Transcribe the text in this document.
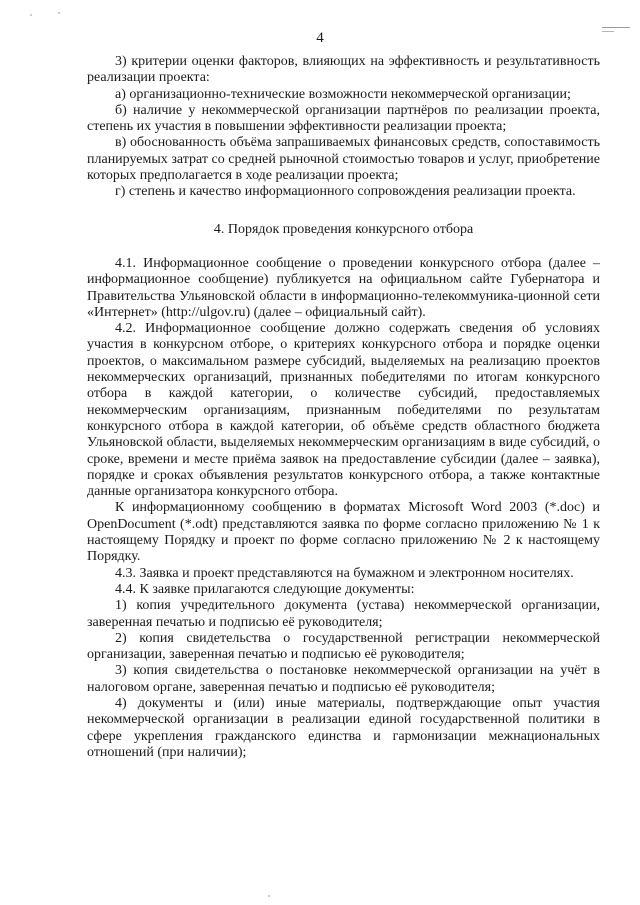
4

3) критерии оценки факторов, влияющих на эффективность и результативность реализации проекта:

а) организационно-технические возможности некоммерческой организации;

б) наличие у некоммерческой организации партнёров по реализации проекта, степень их участия в повышении эффективности реализации проекта;

в) обоснованность объёма запрашиваемых финансовых средств, сопоставимость планируемых затрат со средней рыночной стоимостью товаров и услуг, приобретение которых предполагается в ходе реализации проекта;

г) степень и качество информационного сопровождения реализации проекта.

4. Порядок проведения конкурсного отбора

4.1. Информационное сообщение о проведении конкурсного отбора (далее – информационное сообщение) публикуется на официальном сайте Губернатора и Правительства Ульяновской области в информационно-телекоммуника-ционной сети «Интернет» (http://ulgov.ru) (далее – официальный сайт).

4.2. Информационное сообщение должно содержать сведения об условиях участия в конкурсном отборе, о критериях конкурсного отбора и порядке оценки проектов, о максимальном размере субсидий, выделяемых на реализацию проектов некоммерческих организаций, признанных победителями по итогам конкурсного отбора в каждой категории, о количестве субсидий, предоставляемых некоммерческим организациям, признанным победителями по результатам конкурсного отбора в каждой категории, об объёме средств областного бюджета Ульяновской области, выделяемых некоммерческим организациям в виде субсидий, о сроке, времени и месте приёма заявок на предоставление субсидии (далее – заявка), порядке и сроках объявления результатов конкурсного отбора, а также контактные данные организатора конкурсного отбора.

К информационному сообщению в форматах Microsoft Word 2003 (*.doc) и OpenDocument (*.odt) представляются заявка по форме согласно приложению № 1 к настоящему Порядку и проект по форме согласно приложению № 2 к настоящему Порядку.

4.3. Заявка и проект представляются на бумажном и электронном носителях.

4.4. К заявке прилагаются следующие документы:

1) копия учредительного документа (устава) некоммерческой организации, заверенная печатью и подписью её руководителя;

2) копия свидетельства о государственной регистрации некоммерческой организации, заверенная печатью и подписью её руководителя;

3) копия свидетельства о постановке некоммерческой организации на учёт в налоговом органе, заверенная печатью и подписью её руководителя;

4) документы и (или) иные материалы, подтверждающие опыт участия некоммерческой организации в реализации единой государственной политики в сфере укрепления гражданского единства и гармонизации межнациональных отношений (при наличии);
